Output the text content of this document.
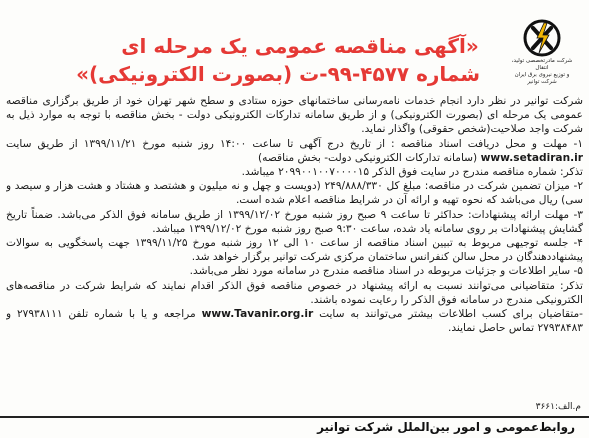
شرکت مادرتخصصی تولید، انتقال
و توزیع نیروی برق ایران
شرکت توانیر
«آگهی مناقصه عمومی یک مرحله ای
شماره ۴۵۷۷-۹۹-ت (بصورت الکترونیکی)»
شرکت توانیر در نظر دارد انجام خدمات نامه‌رسانی ساختمانهای حوزه ستادی و سطح شهر تهران خود از طریق برگزاری مناقصه عمومی یک مرحله ای (بصورت الکترونیکی) و از طریق سامانه تدارکات الکترونیکی دولت - بخش مناقصه با توجه به موارد ذیل به شرکت واجد صلاحیت(شخص حقوقی) واگذار نماید.
۱- مهلت و محل دریافت اسناد مناقصه : از تاریخ درج آگهی تا ساعت ۱۴:۰۰ روز شنبه مورخ ۱۳۹۹/۱۱/۲۱ از طریق سایت www.setadiran.ir (سامانه تدارکات الکترونیکی دولت- بخش مناقصه)
تذکر: شماره مناقصه مندرج در سایت فوق الذکر ۲۰۹۹۰۰۱۰۰۷۰۰۰۰۱۵ میباشد.
۲- میزان تضمین شرکت در مناقصه: مبلغ کل ۲۴۹/۸۸۸/۳۳۰ (دویست و چهل و نه میلیون و هشتصد و هشتاد و هشت هزار و سیصد و سی) ریال می‌باشد که نحوه تهیه و ارائه آن در شرایط مناقصه اعلام شده است.
۳- مهلت ارائه پیشنهادات: حداکثر تا ساعت ۹ صبح روز شنبه مورخ ۱۳۹۹/۱۲/۰۲ از طریق سامانه فوق الذکر می‌باشد. ضمناً تاریخ گشایش پیشنهادات بر روی سامانه یاد شده، ساعت ۹:۳۰ صبح روز شنبه مورخ ۱۳۹۹/۱۲/۰۲ میباشد.
۴- جلسه توجیهی مربوط به تبیین اسناد مناقصه از ساعت ۱۰ الی ۱۲ روز شنبه مورخ ۱۳۹۹/۱۱/۲۵ جهت پاسخگویی به سوالات پیشنهاددهندگان در محل سالن کنفرانس ساختمان مرکزی شرکت توانیر برگزار خواهد شد.
۵- سایر اطلاعات و جزئیات مربوطه در اسناد مناقصه مندرج در سامانه مورد نظر می‌باشد.
تذکر: متقاضیانی می‌توانند نسبت به ارائه پیشنهاد در خصوص مناقصه فوق الذکر اقدام نمایند که شرایط شرکت در مناقصه‌های الکترونیکی مندرج در سامانه فوق الذکر را رعایت نموده باشند.
-متقاضیان برای کسب اطلاعات بیشتر می‌توانند به سایت www.Tavanir.org.ir مراجعه و یا با شماره تلفن ۲۷۹۳۸۱۱۱ و ۲۷۹۳۸۴۸۳ تماس حاصل نمایند.
م.الف:۳۶۶۱
روابط‌عمومی و امور بین‌الملل شرکت توانیر
